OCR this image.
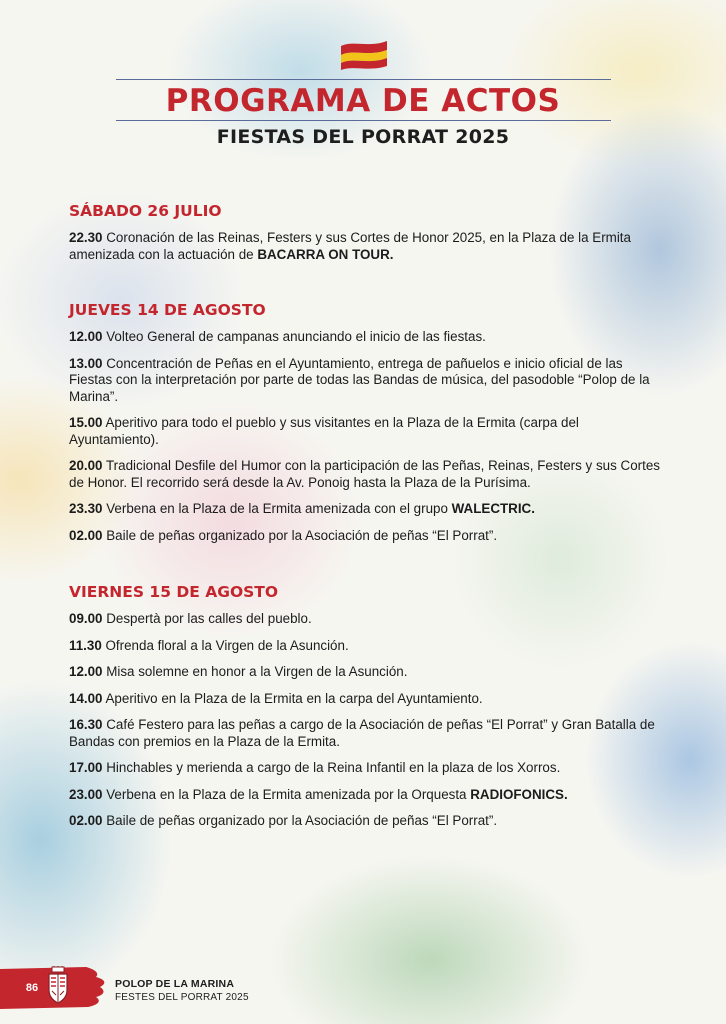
PROGRAMA DE ACTOS
FIESTAS DEL PORRAT 2025
SÁBADO 26 JULIO
22.30 Coronación de las Reinas, Festers y sus Cortes de Honor 2025, en la Plaza de la Ermita amenizada con la actuación de BACARRA ON TOUR.
JUEVES 14 DE AGOSTO
12.00 Volteo General de campanas anunciando el inicio de las fiestas.
13.00 Concentración de Peñas en el Ayuntamiento, entrega de pañuelos e inicio oficial de las Fiestas con la interpretación por parte de todas las Bandas de música, del pasodoble “Polop de la Marina”.
15.00 Aperitivo para todo el pueblo y sus visitantes en la Plaza de la Ermita (carpa del Ayuntamiento).
20.00 Tradicional Desfile del Humor con la participación de las Peñas, Reinas, Festers y sus Cortes de Honor. El recorrido será desde la Av. Ponoig hasta la Plaza de la Purísima.
23.30 Verbena en la Plaza de la Ermita amenizada con el grupo WALECTRIC.
02.00 Baile de peñas organizado por la Asociación de peñas “El Porrat”.
VIERNES 15 DE AGOSTO
09.00 Despertà por las calles del pueblo.
11.30 Ofrenda floral a la Virgen de la Asunción.
12.00 Misa solemne en honor a la Virgen de la Asunción.
14.00 Aperitivo en la Plaza de la Ermita en la carpa del Ayuntamiento.
16.30 Café Festero para las peñas a cargo de la Asociación de peñas “El Porrat” y Gran Batalla de Bandas con premios en la Plaza de la Ermita.
17.00 Hinchables y merienda a cargo de la Reina Infantil en la plaza de los Xorros.
23.00 Verbena en la Plaza de la Ermita amenizada por la Orquesta RADIOFONICS.
02.00 Baile de peñas organizado por la Asociación de peñas “El Porrat”.
86	POLOP DE LA MARINA
FESTES DEL PORRAT 2025
